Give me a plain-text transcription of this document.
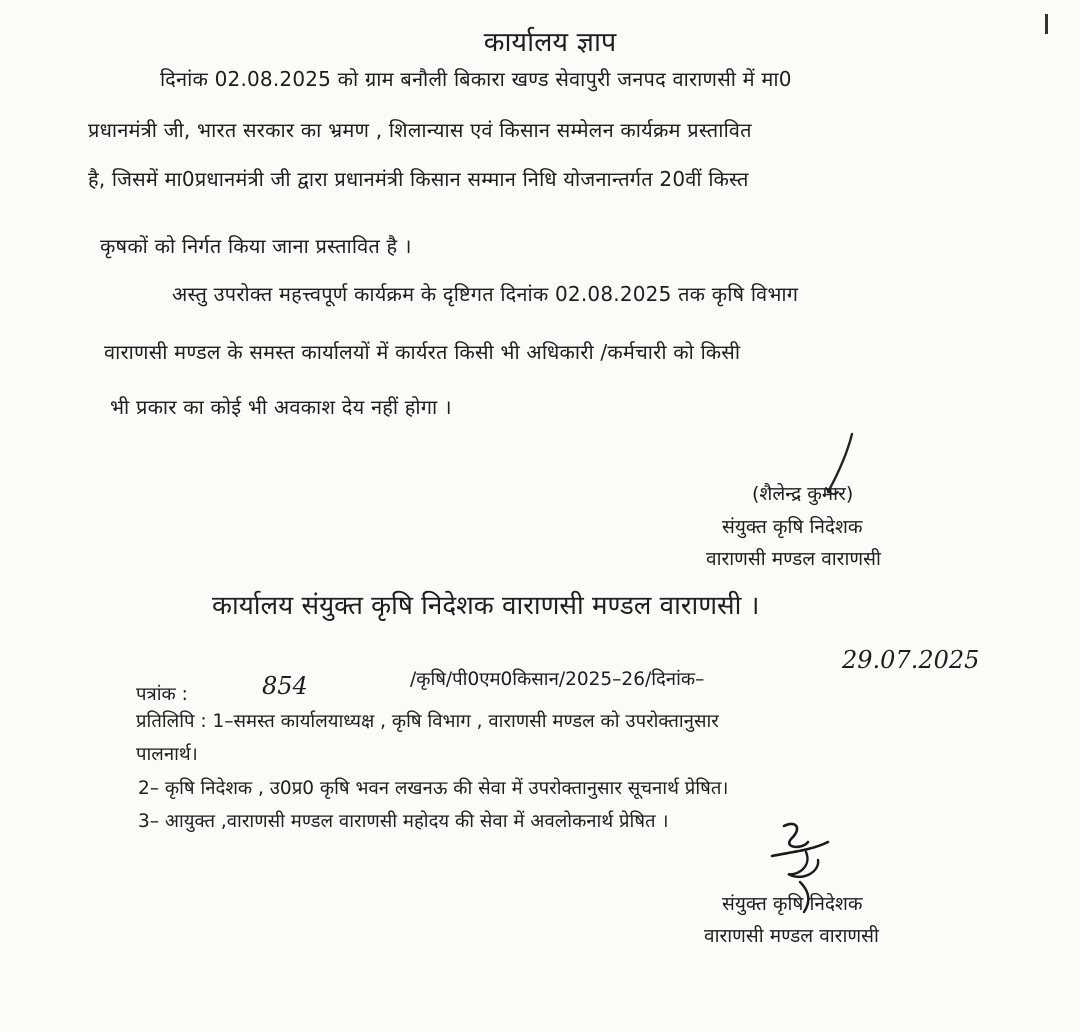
कार्यालय ज्ञाप
दिनांक 02.08.2025 को ग्राम बनौली बिकारा खण्ड सेवापुरी जनपद वाराणसी में मा0
प्रधानमंत्री जी, भारत सरकार का भ्रमण , शिलान्यास एवं किसान सम्मेलन कार्यक्रम प्रस्तावित
है, जिसमें मा0प्रधानमंत्री जी द्वारा प्रधानमंत्री किसान सम्मान निधि योजनान्तर्गत 20वीं किस्त
कृषकों को निर्गत किया जाना प्रस्तावित है ।
अस्तु उपरोक्त महत्त्वपूर्ण कार्यक्रम के दृष्टिगत दिनांक 02.08.2025 तक कृषि विभाग
वाराणसी मण्डल के समस्त कार्यालयों में कार्यरत किसी भी अधिकारी /कर्मचारी को किसी
भी प्रकार का कोई भी अवकाश देय नहीं होगा ।
(शैलेन्द्र कुमार)
संयुक्त कृषि निदेशक
वाराणसी मण्डल वाराणसी
कार्यालय संयुक्त कृषि निदेशक वाराणसी मण्डल वाराणसी ।
पत्रांक :	854	/कृषि/पी0एम0किसान/2025–26/दिनांक–
29.07.2025
प्रतिलिपि : 1–समस्त कार्यालयाध्यक्ष , कृषि विभाग , वाराणसी मण्डल को उपरोक्तानुसार
पालनार्थ।
2– कृषि निदेशक , उ0प्र0 कृषि भवन लखनऊ की सेवा में उपरोक्तानुसार सूचनार्थ प्रेषित।
3– आयुक्त ,वाराणसी मण्डल वाराणसी महोदय की सेवा में अवलोकनार्थ प्रेषित ।
संयुक्त कृषि निदेशक
वाराणसी मण्डल वाराणसी
